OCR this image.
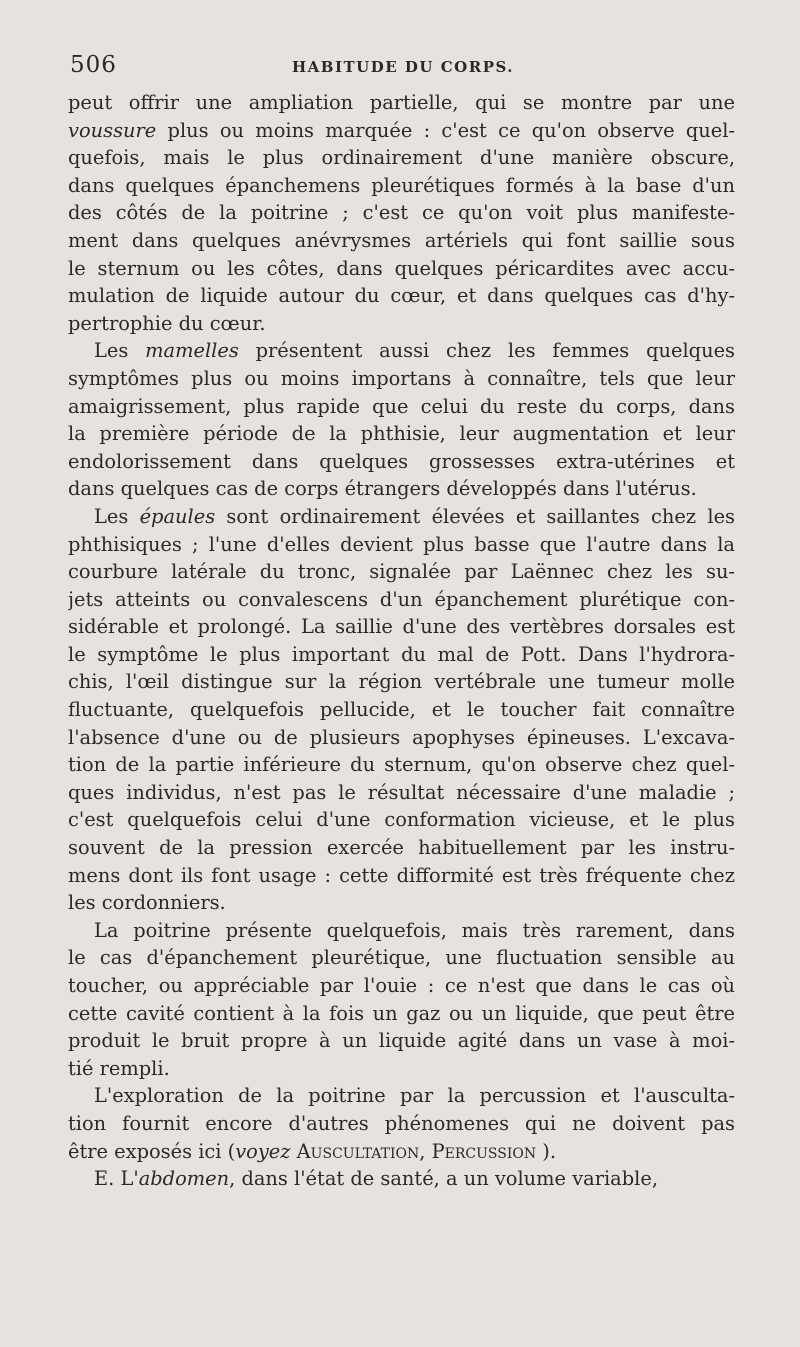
506	HABITUDE DU CORPS.
peut offrir une ampliation partielle, qui se montre par une
voussure plus ou moins marquée : c'est ce qu'on observe quel-
quefois, mais le plus ordinairement d'une manière obscure,
dans quelques épanchemens pleurétiques formés à la base d'un
des côtés de la poitrine ; c'est ce qu'on voit plus manifeste-
ment dans quelques anévrysmes artériels qui font saillie sous
le sternum ou les côtes, dans quelques péricardites avec accu-
mulation de liquide autour du cœur, et dans quelques cas d'hy-
pertrophie du cœur.
Les mamelles présentent aussi chez les femmes quelques
symptômes plus ou moins importans à connaître, tels que leur
amaigrissement, plus rapide que celui du reste du corps, dans
la première période de la phthisie, leur augmentation et leur
endolorissement dans quelques grossesses extra-utérines et
dans quelques cas de corps étrangers développés dans l'utérus.
Les épaules sont ordinairement élevées et saillantes chez les
phthisiques ; l'une d'elles devient plus basse que l'autre dans la
courbure latérale du tronc, signalée par Laënnec chez les su-
jets atteints ou convalescens d'un épanchement plurétique con-
sidérable et prolongé. La saillie d'une des vertèbres dorsales est
le symptôme le plus important du mal de Pott. Dans l'hydrora-
chis, l'œil distingue sur la région vertébrale une tumeur molle
fluctuante, quelquefois pellucide, et le toucher fait connaître
l'absence d'une ou de plusieurs apophyses épineuses. L'excava-
tion de la partie inférieure du sternum, qu'on observe chez quel-
ques individus, n'est pas le résultat nécessaire d'une maladie ;
c'est quelquefois celui d'une conformation vicieuse, et le plus
souvent de la pression exercée habituellement par les instru-
mens dont ils font usage : cette difformité est très fréquente chez
les cordonniers.
La poitrine présente quelquefois, mais très rarement, dans
le cas d'épanchement pleurétique, une fluctuation sensible au
toucher, ou appréciable par l'ouie : ce n'est que dans le cas où
cette cavité contient à la fois un gaz ou un liquide, que peut être
produit le bruit propre à un liquide agité dans un vase à moi-
tié rempli.
L'exploration de la poitrine par la percussion et l'ausculta-
tion fournit encore d'autres phénomenes qui ne doivent pas
être exposés ici (voyez Auscultation, Percussion ).
E. L'abdomen, dans l'état de santé, a un volume variable,
